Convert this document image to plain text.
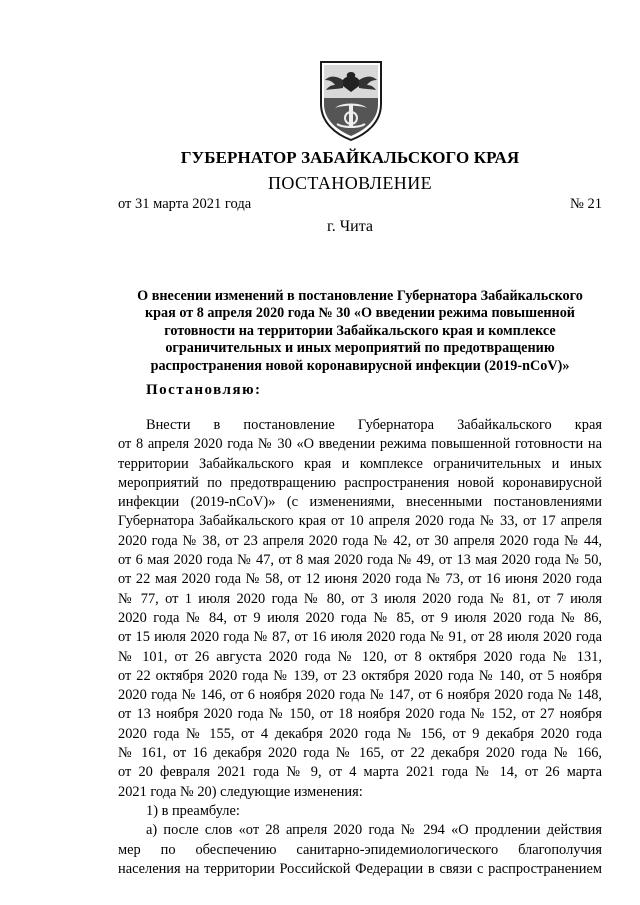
ГУБЕРНАТОР ЗАБАЙКАЛЬСКОГО КРАЯ
ПОСТАНОВЛЕНИЕ
от 31 марта 2021 года	№ 21
г. Чита
О внесении изменений в постановление Губернатора Забайкальского
края от 8 апреля 2020 года № 30 «О введении режима повышенной
готовности на территории Забайкальского края и комплексе
ограничительных и иных мероприятий по предотвращению
распространения новой коронавирусной инфекции (2019-nCoV)»
Постановляю:
Внести в постановление Губернатора Забайкальского края
от 8 апреля 2020 года № 30 «О введении режима повышенной готовности на
территории Забайкальского края и комплексе ограничительных и иных
мероприятий по предотвращению распространения новой коронавирусной
инфекции (2019-nCoV)» (с изменениями, внесенными постановлениями
Губернатора Забайкальского края от 10 апреля 2020 года № 33, от 17 апреля
2020 года № 38, от 23 апреля 2020 года № 42, от 30 апреля 2020 года № 44,
от 6 мая 2020 года № 47, от 8 мая 2020 года № 49, от 13 мая 2020 года № 50,
от 22 мая 2020 года № 58, от 12 июня 2020 года № 73, от 16 июня 2020 года
№ 77, от 1 июля 2020 года № 80, от 3 июля 2020 года № 81, от 7 июля
2020 года № 84, от 9 июля 2020 года № 85, от 9 июля 2020 года № 86,
от 15 июля 2020 года № 87, от 16 июля 2020 года № 91, от 28 июля 2020 года
№ 101, от 26 августа 2020 года № 120, от 8 октября 2020 года № 131,
от 22 октября 2020 года № 139, от 23 октября 2020 года № 140, от 5 ноября
2020 года № 146, от 6 ноября 2020 года № 147, от 6 ноября 2020 года № 148,
от 13 ноября 2020 года № 150, от 18 ноября 2020 года № 152, от 27 ноября
2020 года № 155, от 4 декабря 2020 года № 156, от 9 декабря 2020 года
№ 161, от 16 декабря 2020 года № 165, от 22 декабря 2020 года № 166,
от 20 февраля 2021 года № 9, от 4 марта 2021 года № 14, от 26 марта
2021 года № 20) следующие изменения:
1) в преамбуле:
а) после слов «от 28 апреля 2020 года № 294 «О продлении действия
мер по обеспечению санитарно-эпидемиологического благополучия
населения на территории Российской Федерации в связи с распространением
